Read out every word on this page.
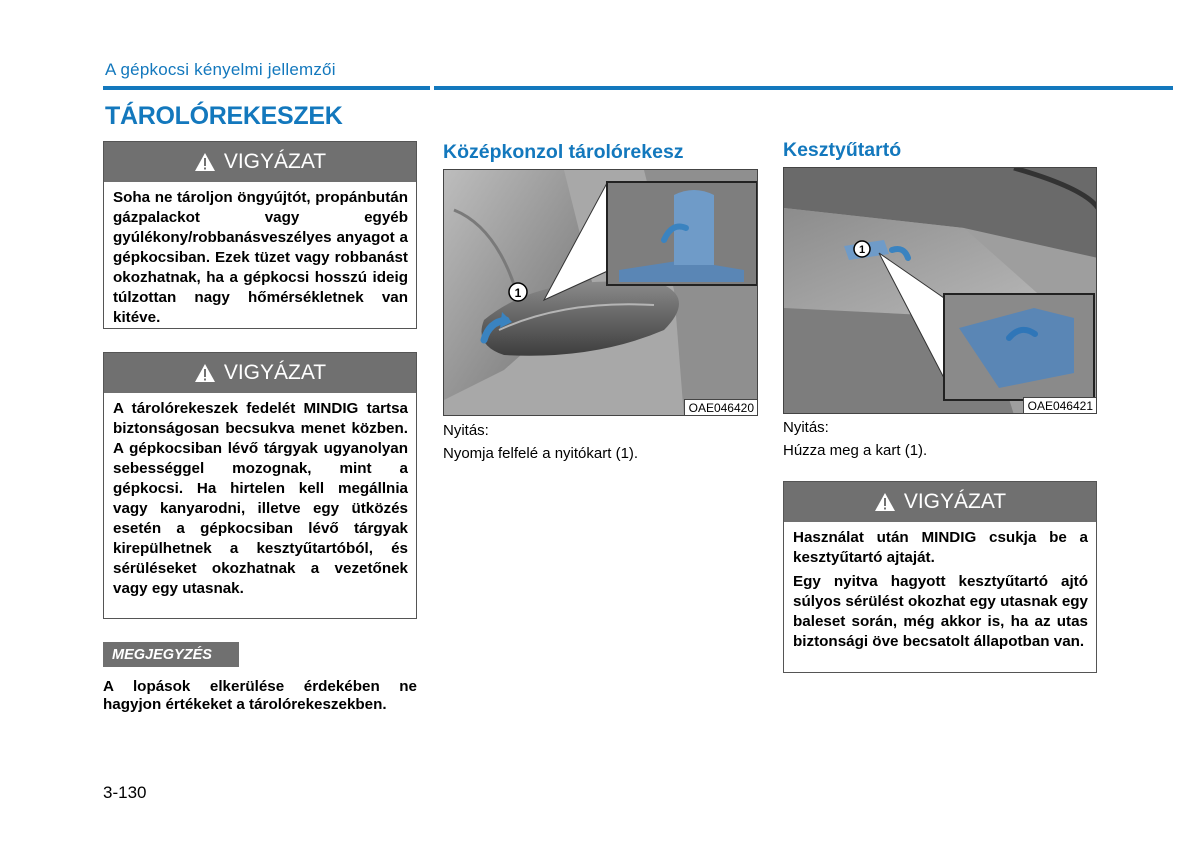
A gépkocsi kényelmi jellemzői
TÁROLÓREKESZEK
VIGYÁZAT

Soha ne tároljon öngyújtót, propánbután gázpalackot vagy egyéb gyúlékony/robbanásveszélyes anyagot a gépkocsiban. Ezek tüzet vagy robbanást okozhatnak, ha a gépkocsi hosszú ideig túlzottan nagy hőmérsékletnek van kitéve.

VIGYÁZAT

A tárolórekeszek fedelét MINDIG tartsa biztonságosan becsukva menet közben. A gépkocsiban lévő tárgyak ugyanolyan sebességgel mozognak, mint a gépkocsi. Ha hirtelen kell megállnia vagy kanyarodni, illetve egy ütközés esetén a gépkocsiban lévő tárgyak kirepülhetnek a kesztyűtartóból, és sérüléseket okozhatnak a vezetőnek vagy egy utasnak.

MEGJEGYZÉS
A lopások elkerülése érdekében ne hagyjon értékeket a tárolórekeszekben.
Középkonzol tárolórekesz
1
OAE046420
Nyitás:
Nyomja felfelé a nyitókart (1).
Kesztyűtartó
1
OAE046421
Nyitás:
Húzza meg a kart (1).
VIGYÁZAT

Használat után MINDIG csukja be a kesztyűtartó ajtaját.

Egy nyitva hagyott kesztyűtartó ajtó súlyos sérülést okozhat egy utasnak egy baleset során, még akkor is, ha az utas biztonsági öve becsatolt állapotban van.

3-130
